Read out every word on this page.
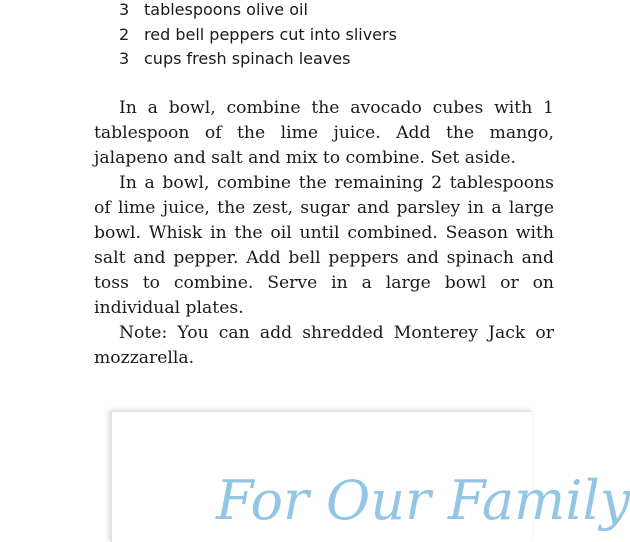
3 tablespoons olive oil
2 red bell peppers cut into slivers
3 cups fresh spinach leaves

In a bowl, combine the avocado cubes with 1 tablespoon of the lime juice. Add the mango, jalapeno and salt and mix to combine. Set aside.

In a bowl, combine the remaining 2 tablespoons of lime juice, the zest, sugar and parsley in a large bowl. Whisk in the oil until combined. Season with salt and pepper. Add bell peppers and spinach and toss to combine. Serve in a large bowl or on individual plates.

Note: You can add shredded Monterey Jack or mozzarella.

For Our Family
